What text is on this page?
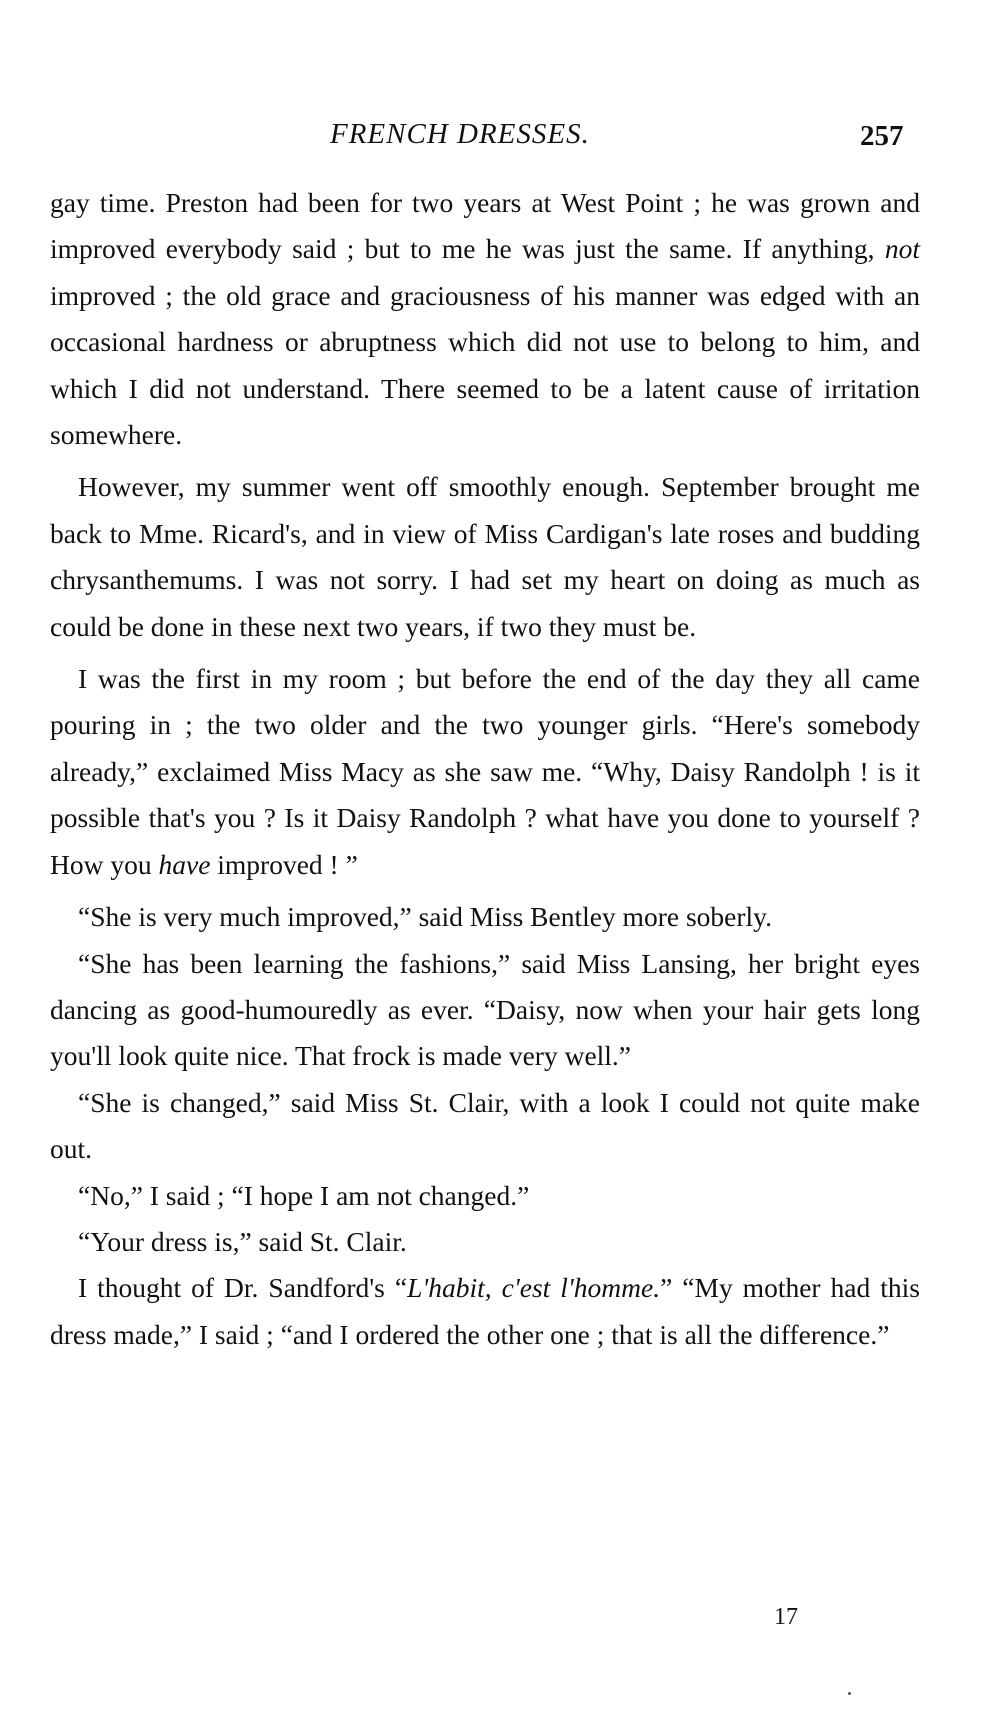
FRENCH DRESSES.	257

gay time. Preston had been for two years at West Point ; he was grown and improved everybody said ; but to me he was just the same. If anything, not improved ; the old grace and graciousness of his manner was edged with an occasional hardness or abruptness which did not use to belong to him, and which I did not understand. There seemed to be a latent cause of irritation somewhere.

However, my summer went off smoothly enough. September brought me back to Mme. Ricard's, and in view of Miss Cardigan's late roses and budding chrysanthemums. I was not sorry. I had set my heart on doing as much as could be done in these next two years, if two they must be.

I was the first in my room ; but before the end of the day they all came pouring in ; the two older and the two younger girls. “Here's somebody already,” exclaimed Miss Macy as she saw me. “Why, Daisy Randolph ! is it possible that's you ? Is it Daisy Randolph ? what have you done to yourself ? How you have improved ! ”

“She is very much improved,” said Miss Bentley more soberly.

“She has been learning the fashions,” said Miss Lansing, her bright eyes dancing as good-humouredly as ever. “Daisy, now when your hair gets long you'll look quite nice. That frock is made very well.”

“She is changed,” said Miss St. Clair, with a look I could not quite make out.

“No,” I said ; “I hope I am not changed.”

“Your dress is,” said St. Clair.

I thought of Dr. Sandford's “L'habit, c'est l'homme.” “My mother had this dress made,” I said ; “and I ordered the other one ; that is all the difference.”

17
